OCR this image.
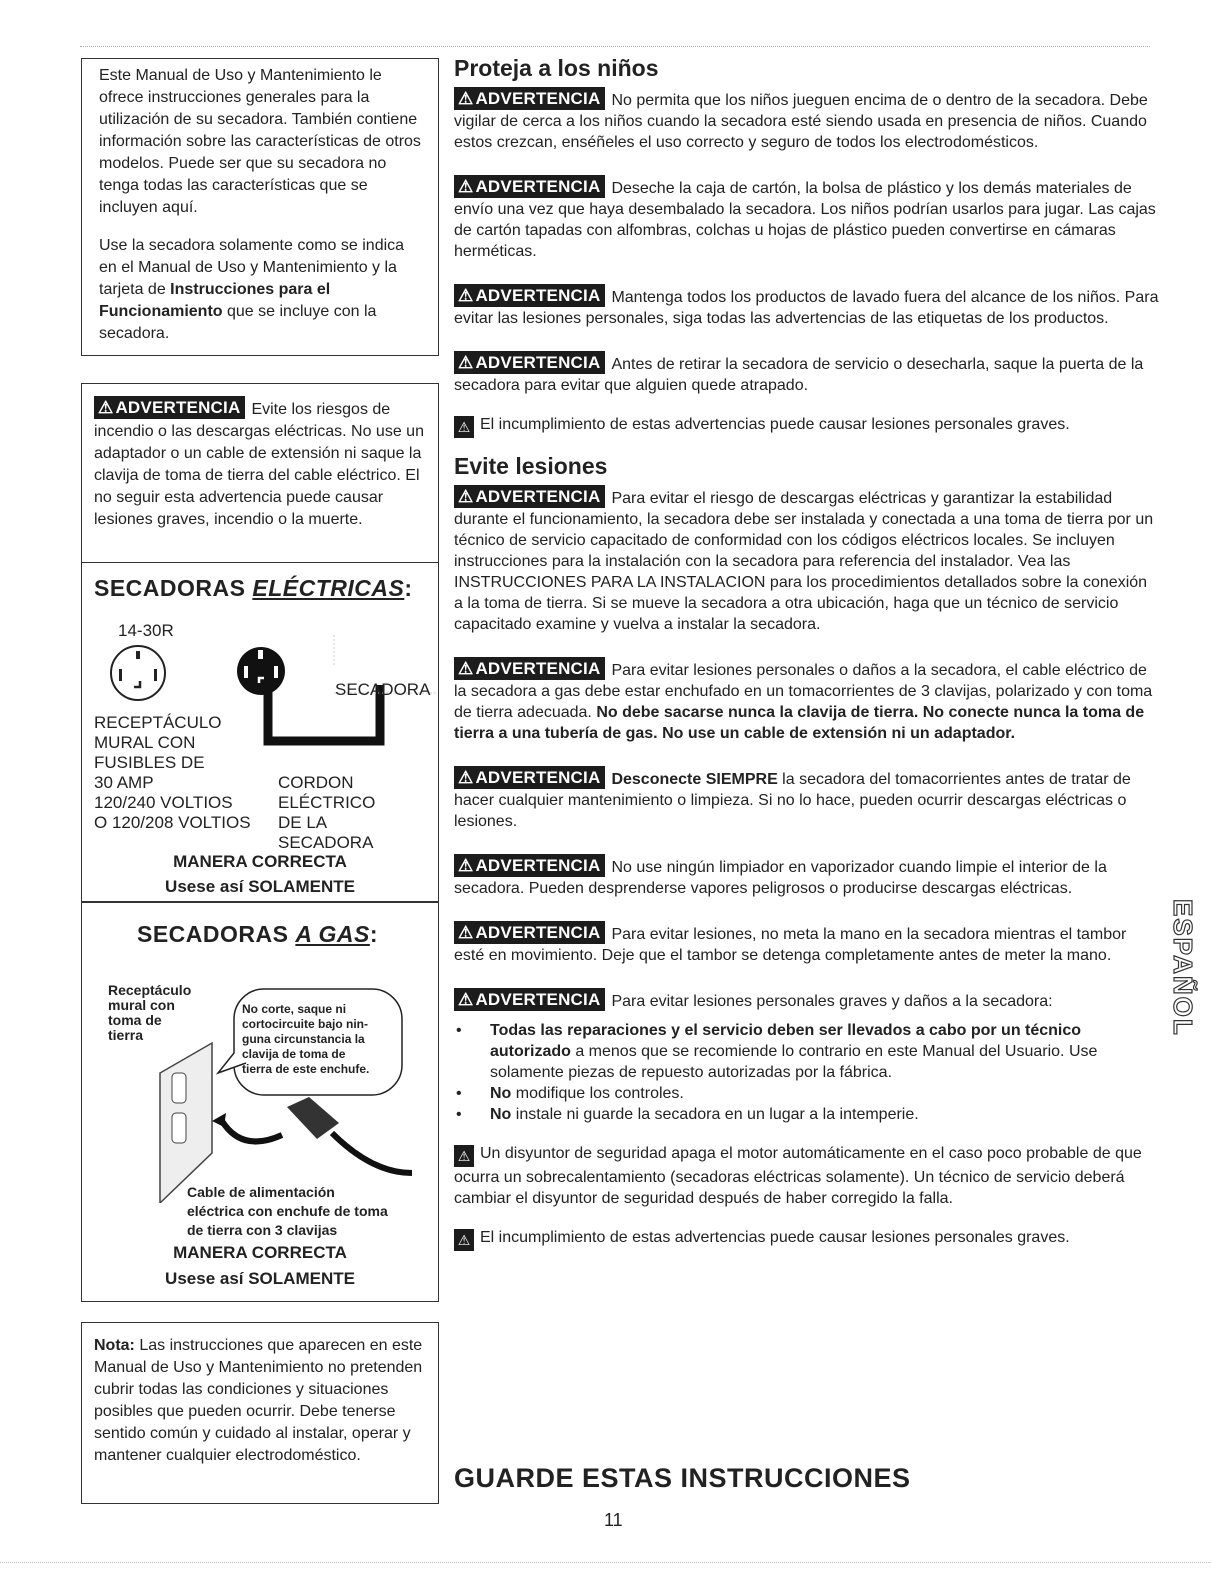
Este Manual de Uso y Mantenimiento le ofrece instrucciones generales para la utilización de su secadora. También contiene información sobre las características de otros modelos. Puede ser que su secadora no tenga todas las características que se incluyen aquí.

Use la secadora solamente como se indica en el Manual de Uso y Mantenimiento y la tarjeta de Instrucciones para el Funcionamiento que se incluye con la secadora.

⚠ ADVERTENCIA Evite los riesgos de incendio o las descargas eléctricas. No use un adaptador o un cable de extensión ni saque la clavija de toma de tierra del cable eléctrico. El no seguir esta advertencia puede causar lesiones graves, incendio o la muerte.
SECADORAS ELÉCTRICAS:
14-30R
SECADORA
RECEPTÁCULO
MURAL CON
FUSIBLES DE
30 AMP
120/240 VOLTIOS
O 120/208 VOLTIOS
CORDON
ELÉCTRICO
DE LA
SECADORA
MANERA CORRECTA
Usese así SOLAMENTE
SECADORAS A GAS:
Receptáculo
mural con
toma de
tierra
No corte, saque ni
cortocircuite bajo nin-
guna circunstancia la
clavija de toma de
tierra de este enchufe.
Cable de alimentación
eléctrica con enchufe de toma
de tierra con 3 clavijas
MANERA CORRECTA
Usese así SOLAMENTE
Nota: Las instrucciones que aparecen en este Manual de Uso y Mantenimiento no pretenden cubrir todas las condiciones y situaciones posibles que pueden ocurrir. Debe tenerse sentido común y cuidado al instalar, operar y mantener cualquier electrodoméstico.
Proteja a los niños

⚠ ADVERTENCIA No permita que los niños jueguen encima de o dentro de la secadora. Debe vigilar de cerca a los niños cuando la secadora esté siendo usada en presencia de niños. Cuando estos crezcan, enséñeles el uso correcto y seguro de todos los electrodomésticos.

⚠ ADVERTENCIA Deseche la caja de cartón, la bolsa de plástico y los demás materiales de envío una vez que haya desembalado la secadora. Los niños podrían usarlos para jugar. Las cajas de cartón tapadas con alfombras, colchas u hojas de plástico pueden convertirse en cámaras herméticas.

⚠ ADVERTENCIA Mantenga todos los productos de lavado fuera del alcance de los niños. Para evitar las lesiones personales, siga todas las advertencias de las etiquetas de los productos.

⚠ ADVERTENCIA Antes de retirar la secadora de servicio o desecharla, saque la puerta de la secadora para evitar que alguien quede atrapado.

⚠ El incumplimiento de estas advertencias puede causar lesiones personales graves.

Evite lesiones

⚠ ADVERTENCIA Para evitar el riesgo de descargas eléctricas y garantizar la estabilidad durante el funcionamiento, la secadora debe ser instalada y conectada a una toma de tierra por un técnico de servicio capacitado de conformidad con los códigos eléctricos locales. Se incluyen instrucciones para la instalación con la secadora para referencia del instalador. Vea las INSTRUCCIONES PARA LA INSTALACION para los procedimientos detallados sobre la conexión a la toma de tierra. Si se mueve la secadora a otra ubicación, haga que un técnico de servicio capacitado examine y vuelva a instalar la secadora.

⚠ ADVERTENCIA Para evitar lesiones personales o daños a la secadora, el cable eléctrico de la secadora a gas debe estar enchufado en un tomacorrientes de 3 clavijas, polarizado y con toma de tierra adecuada. No debe sacarse nunca la clavija de tierra. No conecte nunca la toma de tierra a una tubería de gas. No use un cable de extensión ni un adaptador.

⚠ ADVERTENCIA Desconecte SIEMPRE la secadora del tomacorrientes antes de tratar de hacer cualquier mantenimiento o limpieza. Si no lo hace, pueden ocurrir descargas eléctricas o lesiones.

⚠ ADVERTENCIA No use ningún limpiador en vaporizador cuando limpie el interior de la secadora. Pueden desprenderse vapores peligrosos o producirse descargas eléctricas.

⚠ ADVERTENCIA Para evitar lesiones, no meta la mano en la secadora mientras el tambor esté en movimiento. Deje que el tambor se detenga completamente antes de meter la mano.

⚠ ADVERTENCIA Para evitar lesiones personales graves y daños a la secadora:

• Todas las reparaciones y el servicio deben ser llevados a cabo por un técnico autorizado a menos que se recomiende lo contrario en este Manual del Usuario. Use solamente piezas de repuesto autorizadas por la fábrica.
• No modifique los controles.
• No instale ni guarde la secadora en un lugar a la intemperie.

⚠ Un disyuntor de seguridad apaga el motor automáticamente en el caso poco probable de que ocurra un sobrecalentamiento (secadoras eléctricas solamente). Un técnico de servicio deberá cambiar el disyuntor de seguridad después de haber corregido la falla.

⚠ El incumplimiento de estas advertencias puede causar lesiones personales graves.

GUARDE ESTAS INSTRUCCIONES
11
ESPAÑOL
